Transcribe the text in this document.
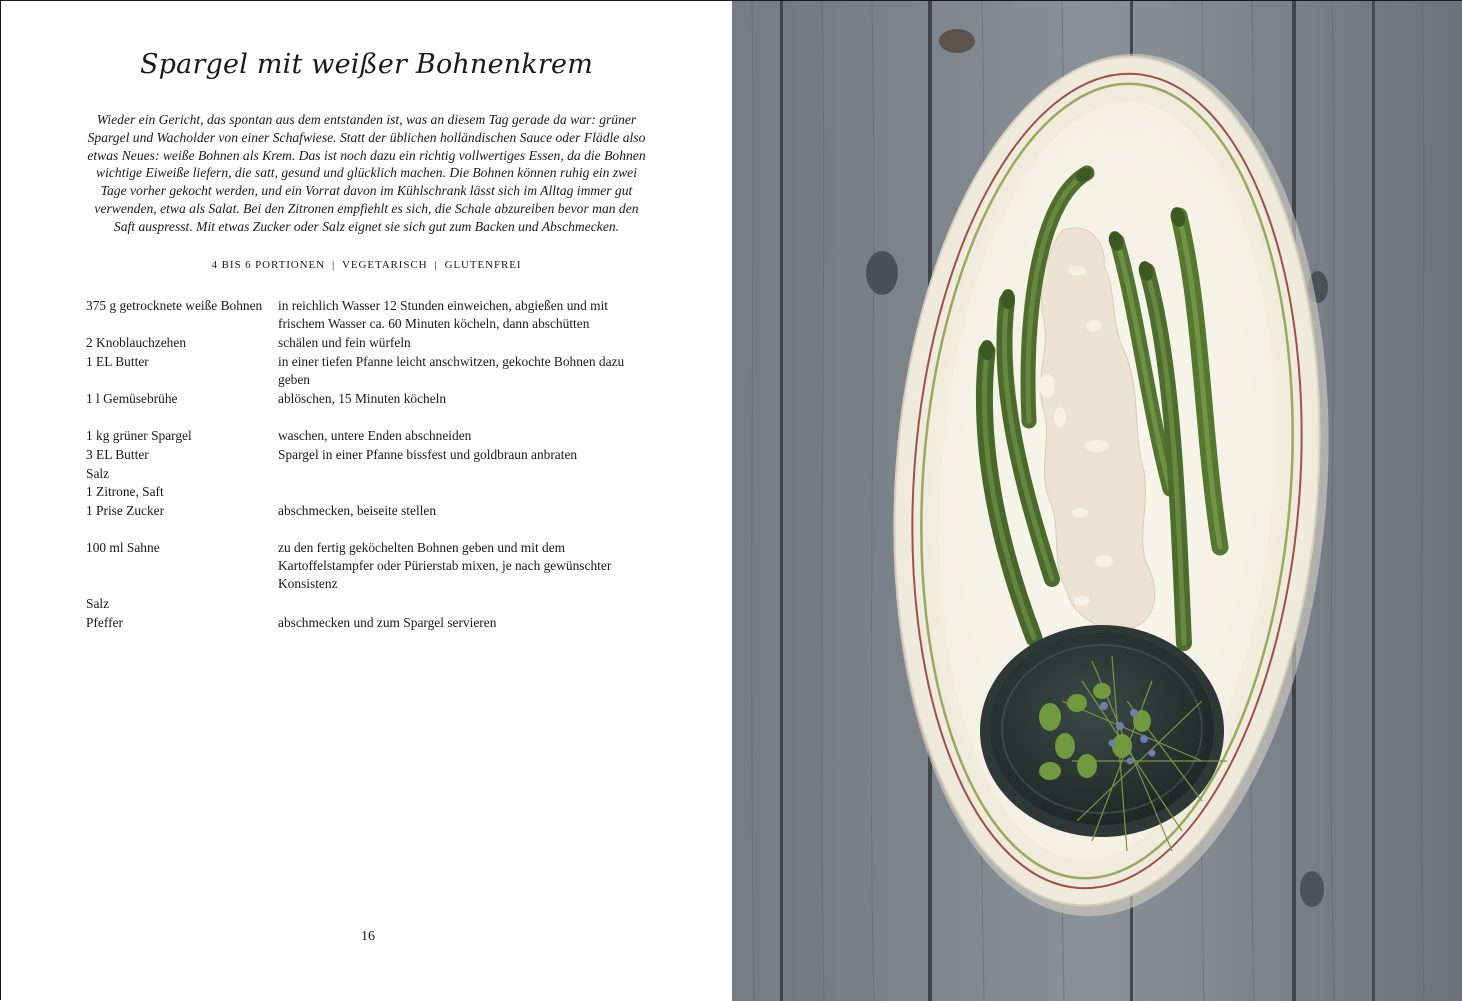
Spargel mit weißer Bohnenkrem

Wieder ein Gericht, das spontan aus dem entstanden ist, was an diesem Tag gerade da war: grüner Spargel und Wacholder von einer Schafwiese. Statt der üblichen holländischen Sauce oder Flädle also etwas Neues: weiße Bohnen als Krem. Das ist noch dazu ein richtig vollwertiges Essen, da die Bohnen wichtige Eiweiße liefern, die satt, gesund und glücklich machen. Die Bohnen können ruhig ein zwei Tage vorher gekocht werden, und ein Vorrat davon im Kühlschrank lässt sich im Alltag immer gut verwenden, etwa als Salat. Bei den Zitronen empfiehlt es sich, die Schale abzureiben bevor man den Saft auspresst. Mit etwas Zucker oder Salz eignet sie sich gut zum Backen und Abschmecken.

4 BIS 6 PORTIONEN | VEGETARISCH | GLUTENFREI
375 g getrocknete weiße Bohnen	in reichlich Wasser 12 Stunden einweichen, abgießen und mit frischem Wasser ca. 60 Minuten köcheln, dann abschütten
2 Knoblauchzehen	schälen und fein würfeln
1 EL Butter	in einer tiefen Pfanne leicht anschwitzen, gekochte Bohnen dazu geben
1 l Gemüsebrühe	ablöschen, 15 Minuten köcheln
1 kg grüner Spargel	waschen, untere Enden abschneiden
3 EL Butter	Spargel in einer Pfanne bissfest und goldbraun anbraten
Salz
1 Zitrone, Saft
1 Prise Zucker	abschmecken, beiseite stellen
100 ml Sahne	zu den fertig geköchelten Bohnen geben und mit dem Kartoffelstampfer oder Pürierstab mixen, je nach gewünschter Konsistenz
Salz
Pfeffer	abschmecken und zum Spargel servieren
16
